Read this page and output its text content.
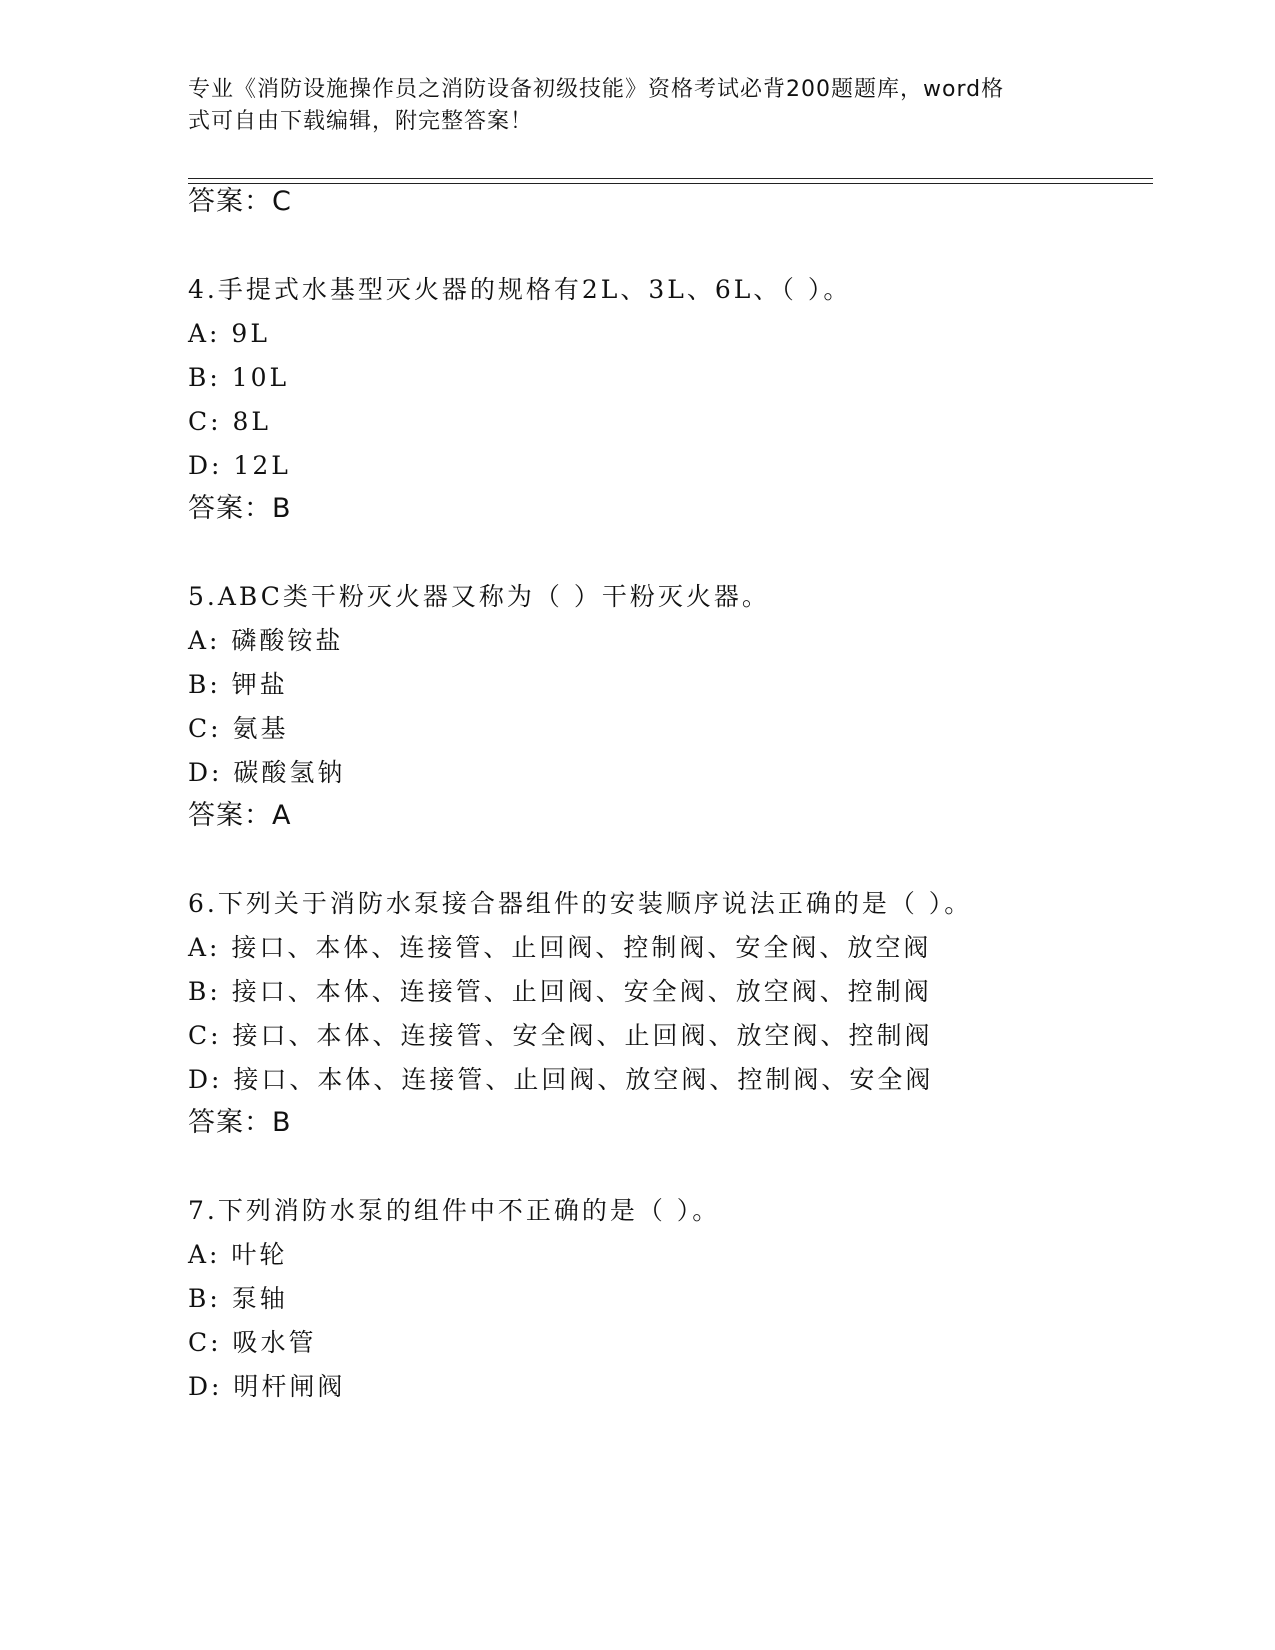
专业《消防设施操作员之消防设备初级技能》资格考试必背200题题库，word格
式可自由下载编辑，附完整答案！
答案：C
4.手提式水基型灭火器的规格有2L、3L、6L、（ ）。
A: 9L
B: 10L
C: 8L
D: 12L
答案：B
5.ABC类干粉灭火器又称为（ ）干粉灭火器。
A: 磷酸铵盐
B: 钾盐
C: 氨基
D: 碳酸氢钠
答案：A
6.下列关于消防水泵接合器组件的安装顺序说法正确的是（ ）。
A: 接口、本体、连接管、止回阀、控制阀、安全阀、放空阀
B: 接口、本体、连接管、止回阀、安全阀、放空阀、控制阀
C: 接口、本体、连接管、安全阀、止回阀、放空阀、控制阀
D: 接口、本体、连接管、止回阀、放空阀、控制阀、安全阀
答案：B
7.下列消防水泵的组件中不正确的是（ ）。
A: 叶轮
B: 泵轴
C: 吸水管
D: 明杆闸阀
